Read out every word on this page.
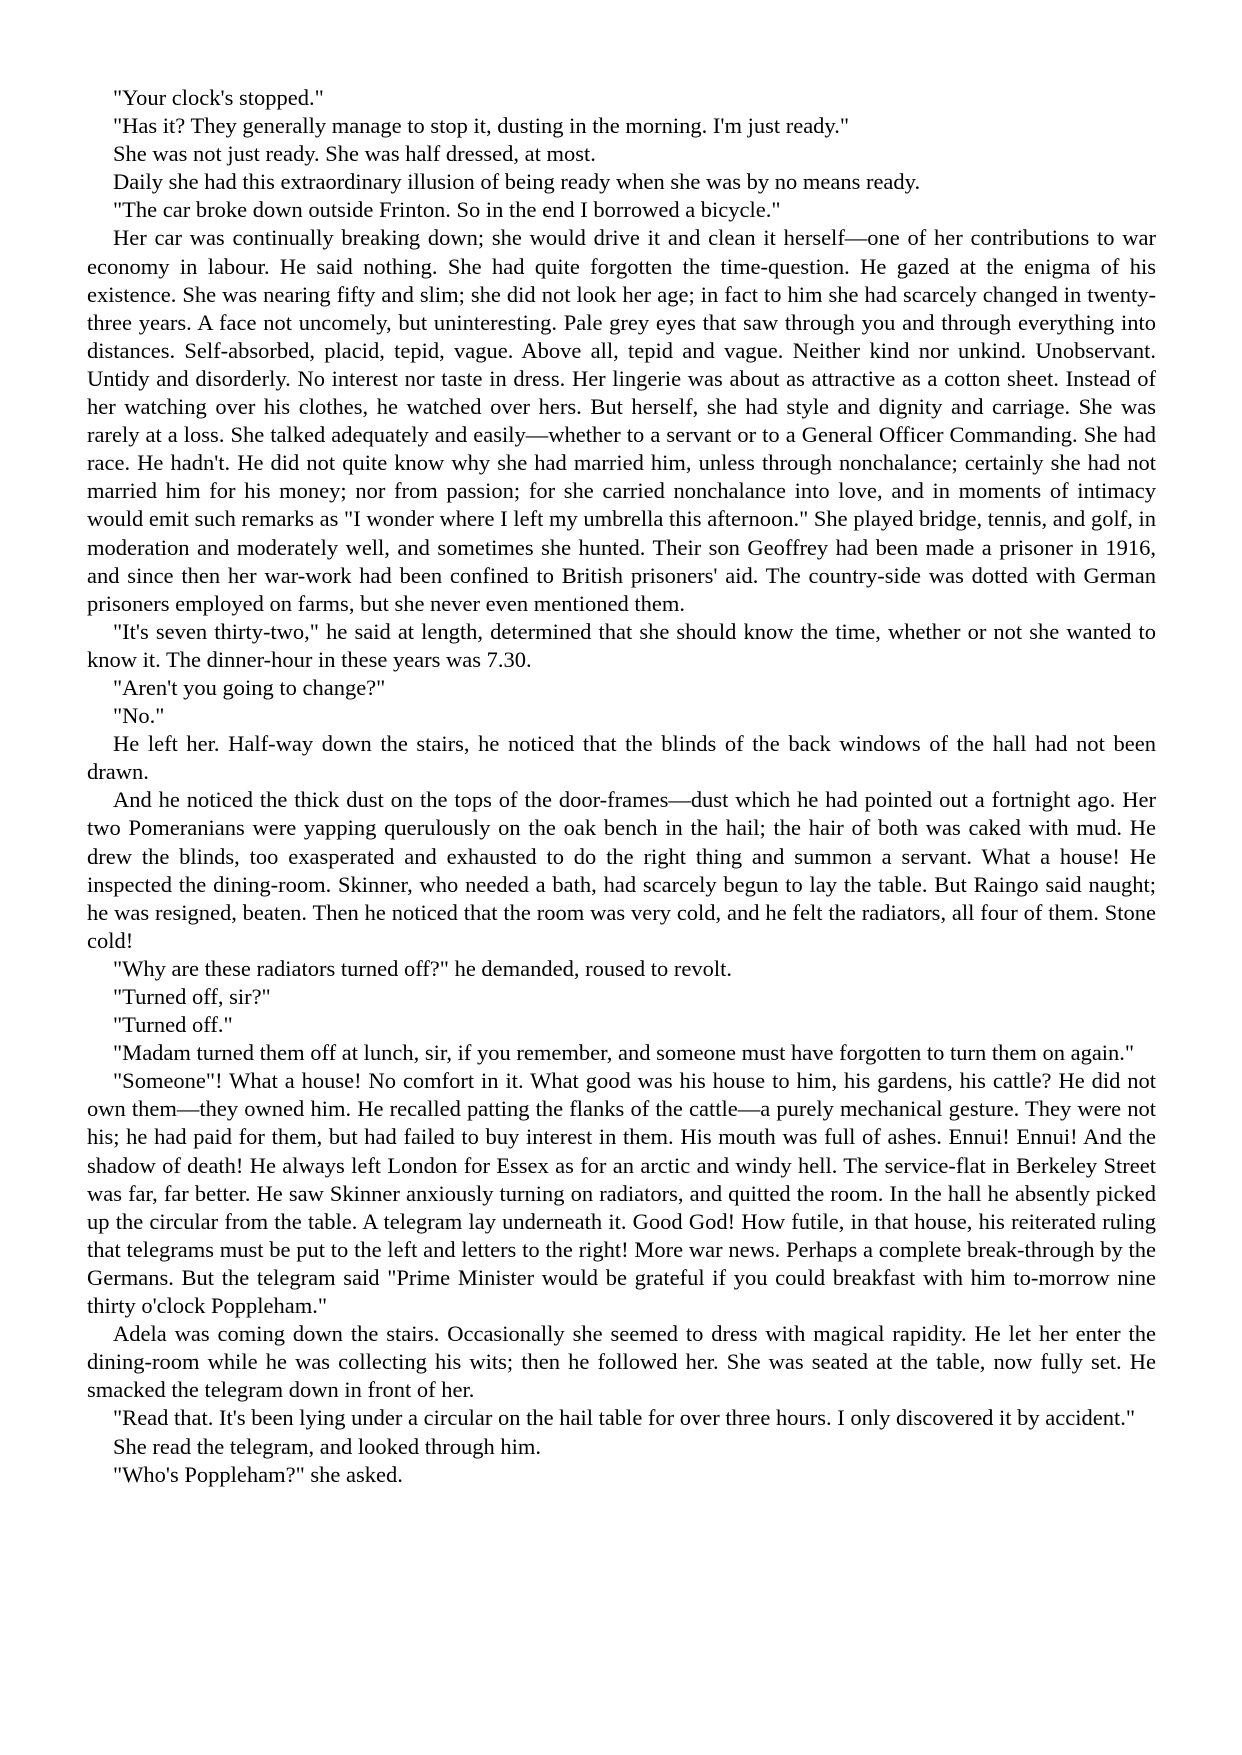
"Your clock's stopped."

"Has it? They generally manage to stop it, dusting in the morning. I'm just ready."

She was not just ready. She was half dressed, at most.

Daily she had this extraordinary illusion of being ready when she was by no means ready.

"The car broke down outside Frinton. So in the end I borrowed a bicycle."

Her car was continually breaking down; she would drive it and clean it herself—one of her contributions to war economy in labour. He said nothing. She had quite forgotten the time-question. He gazed at the enigma of his existence. She was nearing fifty and slim; she did not look her age; in fact to him she had scarcely changed in twenty-three years. A face not uncomely, but uninteresting. Pale grey eyes that saw through you and through everything into distances. Self-absorbed, placid, tepid, vague. Above all, tepid and vague. Neither kind nor unkind. Unobservant. Untidy and disorderly. No interest nor taste in dress. Her lingerie was about as attractive as a cotton sheet. Instead of her watching over his clothes, he watched over hers. But herself, she had style and dignity and carriage. She was rarely at a loss. She talked adequately and easily—whether to a servant or to a General Officer Commanding. She had race. He hadn't. He did not quite know why she had married him, unless through nonchalance; certainly she had not married him for his money; nor from passion; for she carried nonchalance into love, and in moments of intimacy would emit such remarks as "I wonder where I left my umbrella this afternoon." She played bridge, tennis, and golf, in moderation and moderately well, and sometimes she hunted. Their son Geoffrey had been made a prisoner in 1916, and since then her war-work had been confined to British prisoners' aid. The country-side was dotted with German prisoners employed on farms, but she never even mentioned them.

"It's seven thirty-two," he said at length, determined that she should know the time, whether or not she wanted to know it. The dinner-hour in these years was 7.30.

"Aren't you going to change?"

"No."

He left her. Half-way down the stairs, he noticed that the blinds of the back windows of the hall had not been drawn.

And he noticed the thick dust on the tops of the door-frames—dust which he had pointed out a fortnight ago. Her two Pomeranians were yapping querulously on the oak bench in the hail; the hair of both was caked with mud. He drew the blinds, too exasperated and exhausted to do the right thing and summon a servant. What a house! He inspected the dining-room. Skinner, who needed a bath, had scarcely begun to lay the table. But Raingo said naught; he was resigned, beaten. Then he noticed that the room was very cold, and he felt the radiators, all four of them. Stone cold!

"Why are these radiators turned off?" he demanded, roused to revolt.

"Turned off, sir?"

"Turned off."

"Madam turned them off at lunch, sir, if you remember, and someone must have forgotten to turn them on again."

"Someone"! What a house! No comfort in it. What good was his house to him, his gardens, his cattle? He did not own them—they owned him. He recalled patting the flanks of the cattle—a purely mechanical gesture. They were not his; he had paid for them, but had failed to buy interest in them. His mouth was full of ashes. Ennui! Ennui! And the shadow of death! He always left London for Essex as for an arctic and windy hell. The service-flat in Berkeley Street was far, far better. He saw Skinner anxiously turning on radiators, and quitted the room. In the hall he absently picked up the circular from the table. A telegram lay underneath it. Good God! How futile, in that house, his reiterated ruling that telegrams must be put to the left and letters to the right! More war news. Perhaps a complete break-through by the Germans. But the telegram said "Prime Minister would be grateful if you could breakfast with him to-morrow nine thirty o'clock Poppleham."

Adela was coming down the stairs. Occasionally she seemed to dress with magical rapidity. He let her enter the dining-room while he was collecting his wits; then he followed her. She was seated at the table, now fully set. He smacked the telegram down in front of her.

"Read that. It's been lying under a circular on the hail table for over three hours. I only discovered it by accident."

She read the telegram, and looked through him.

"Who's Poppleham?" she asked.
